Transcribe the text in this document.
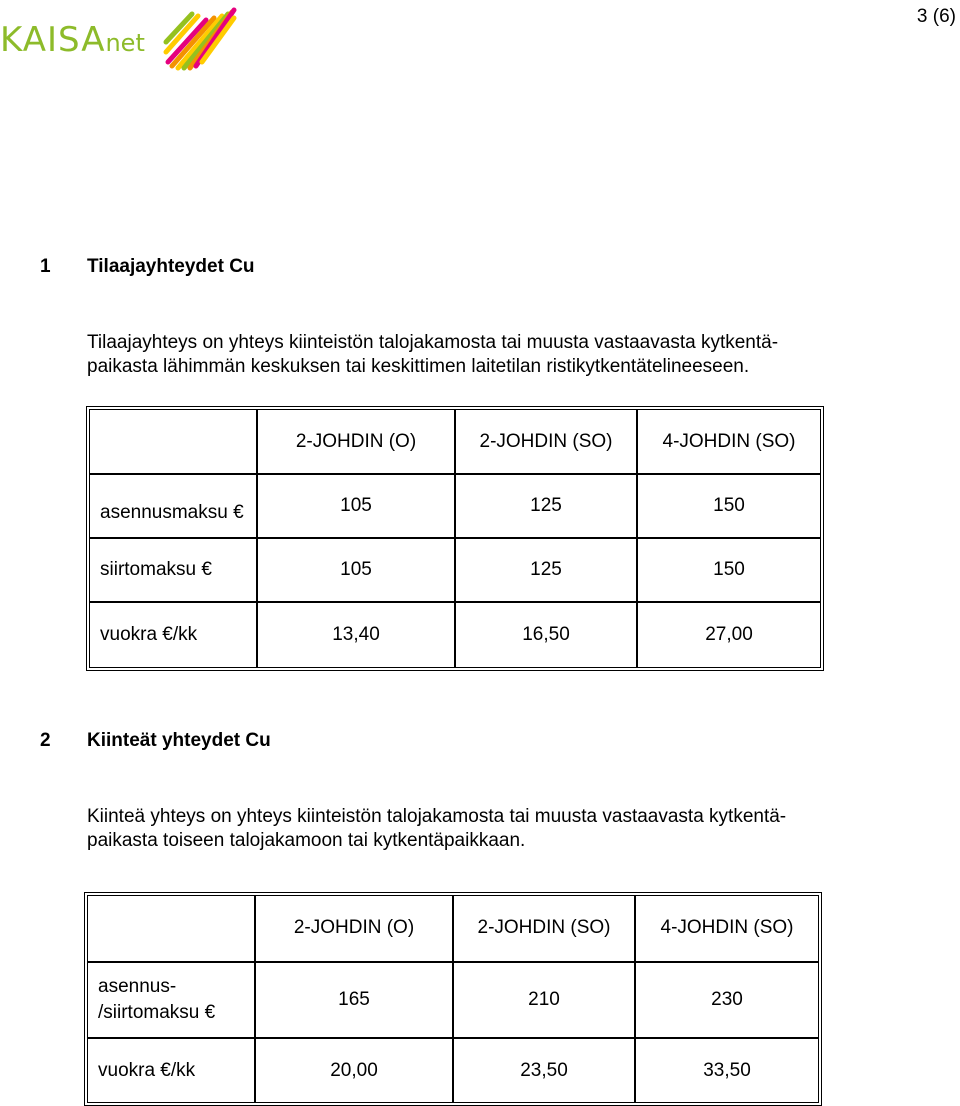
KAISAnet
3 (6)
1 Tilaajayhteydet Cu
Tilaajayhteys on yhteys kiinteistön talojakamosta tai muusta vastaavasta kytkentä-
paikasta lähimmän keskuksen tai keskittimen laitetilan ristikytkentätelineeseen.
	2-JOHDIN (O)	2-JOHDIN (SO)	4-JOHDIN (SO)
asennusmaksu €	105	125	150
siirtomaksu €	105	125	150
vuokra €/kk	13,40	16,50	27,00
2 Kiinteät yhteydet Cu
Kiinteä yhteys on yhteys kiinteistön talojakamosta tai muusta vastaavasta kytkentä-
paikasta toiseen talojakamoon tai kytkentäpaikkaan.
	2-JOHDIN (O)	2-JOHDIN (SO)	4-JOHDIN (SO)
asennus-
/siirtomaksu €	165	210	230
vuokra €/kk	20,00	23,50	33,50
